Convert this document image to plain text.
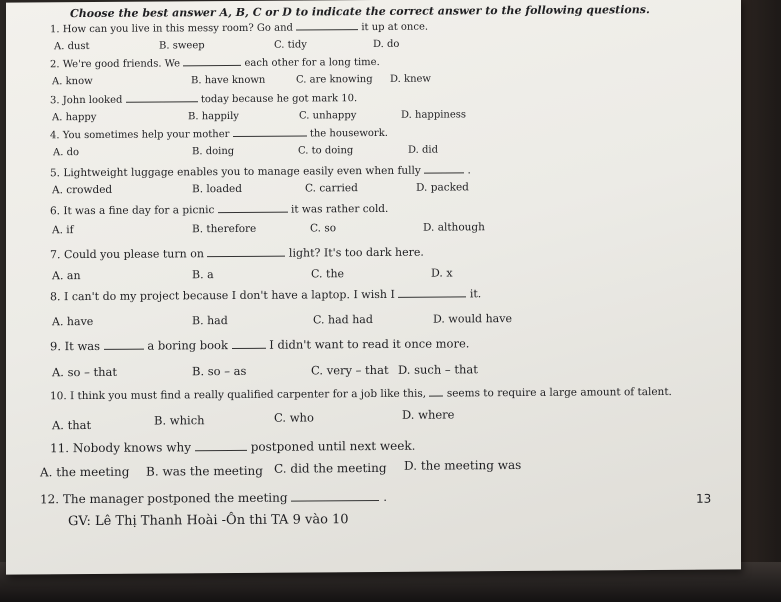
Choose the best answer A, B, C or D to indicate the correct answer to the following questions.
1. How can you live in this messy room? Go and	it up at once.
A. dust	B. sweep	C. tidy	D. do
2. We're good friends. We	each other for a long time.
A. know	B. have known	C. are knowing D. knew
3. John looked	today because he got mark 10.
A. happy	B. happily	C. unhappy	D. happiness
4. You sometimes help your mother	the housework.
A. do	B. doing	C. to doing	D. did
5. Lightweight luggage enables you to manage easily even when fully	.
A. crowded	B. loaded	C. carried	D. packed
6. It was a fine day for a picnic	it was rather cold.
A. if	B. therefore	C. so	D. although
7. Could you please turn on	light? It's too dark here.
A. an	B. a	C. the	D. x
8. I can't do my project because I don't have a laptop. I wish I	it.
A. have	B. had	C. had had	D. would have
9. It was	a boring book	I didn't want to read it once more.
A. so – that	B. so – as	C. very – that D. such – that
10. I think you must find a really qualified carpenter for a job like this, seems to require a large amount of talent.
A. that	B. which	C. who	D. where
11. Nobody knows why	postponed until next week.
A. the meeting B. was the meeting C. did the meeting D. the meeting was
12. The manager postponed the meeting	.	13
GV: Lê Thị Thanh Hoài -Ôn thi TA 9 vào 10
